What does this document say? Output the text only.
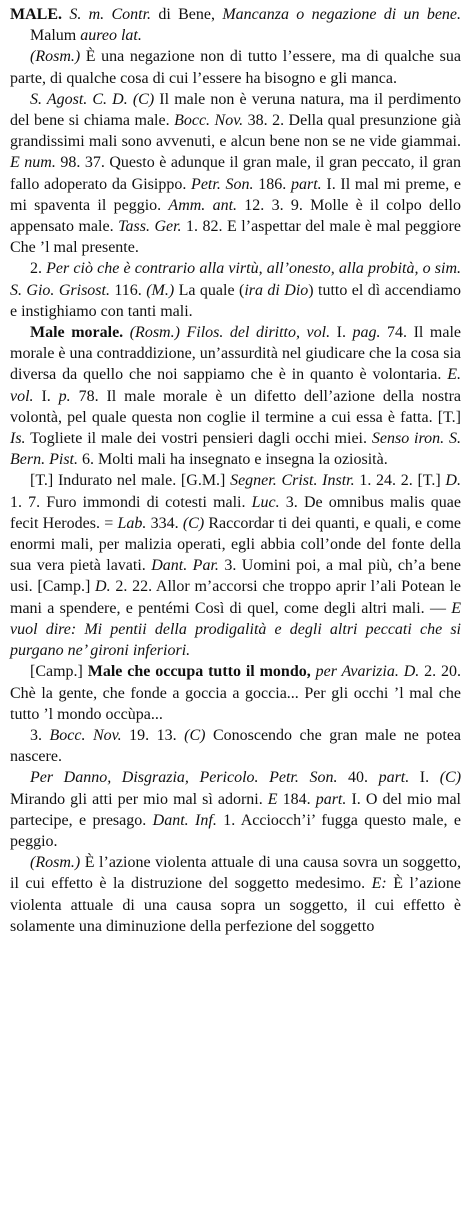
MALE. S. m. Contr. di Bene, Mancanza o negazione di un bene. Malum aureo lat.

(Rosm.) È una negazione non di tutto l’essere, ma di qualche sua parte, di qualche cosa di cui l’essere ha bisogno e gli manca.

S. Agost. C. D. (C) Il male non è veruna natura, ma il perdimento del bene si chiama male. Bocc. Nov. 38. 2. Della qual presunzione già grandissimi mali sono avvenuti, e alcun bene non se ne vide giammai. E num. 98. 37. Questo è adunque il gran male, il gran peccato, il gran fallo adoperato da Gisippo. Petr. Son. 186. part. I. Il mal mi preme, e mi spaventa il peggio. Amm. ant. 12. 3. 9. Molle è il colpo dello appensato male. Tass. Ger. 1. 82. E l’aspettar del male è mal peggiore Che ’l mal presente.

2. Per ciò che è contrario alla virtù, all’onesto, alla probità, o sim. S. Gio. Grisost. 116. (M.) La quale (ira di Dio) tutto el dì accendiamo e instighiamo con tanti mali.

Male morale. (Rosm.) Filos. del diritto, vol. I. pag. 74. Il male morale è una contraddizione, un’assurdità nel giudicare che la cosa sia diversa da quello che noi sappiamo che è in quanto è volontaria. E. vol. I. p. 78. Il male morale è un difetto dell’azione della nostra volontà, pel quale questa non coglie il termine a cui essa è fatta. [T.] Is. Togliete il male dei vostri pensieri dagli occhi miei. Senso iron. S. Bern. Pist. 6. Molti mali ha insegnato e insegna la oziosità.

[T.] Indurato nel male. [G.M.] Segner. Crist. Instr. 1. 24. 2. [T.] D. 1. 7. Furo immondi di cotesti mali. Luc. 3. De omnibus malis quae fecit Herodes. = Lab. 334. (C) Raccordar ti dei quanti, e quali, e come enormi mali, per malizia operati, egli abbia coll’onde del fonte della sua vera pietà lavati. Dant. Par. 3. Uomini poi, a mal più, ch’a bene usi. [Camp.] D. 2. 22. Allor m’accorsi che troppo aprir l’ali Potean le mani a spendere, e pentémi Così di quel, come degli altri mali. — E vuol dire: Mi pentii della prodigalità e degli altri peccati che si purgano ne’ gironi inferiori.

[Camp.] Male che occupa tutto il mondo, per Avarizia. D. 2. 20. Chè la gente, che fonde a goccia a goccia... Per gli occhi ’l mal che tutto ’l mondo occùpa...

3. Bocc. Nov. 19. 13. (C) Conoscendo che gran male ne potea nascere.

Per Danno, Disgrazia, Pericolo. Petr. Son. 40. part. I. (C) Mirando gli atti per mio mal sì adorni. E 184. part. I. O del mio mal partecipe, e presago. Dant. Inf. 1. Acciocch’i’ fugga questo male, e peggio.

(Rosm.) È l’azione violenta attuale di una causa sovra un soggetto, il cui effetto è la distruzione del soggetto medesimo. E: È l’azione violenta attuale di una causa sopra un soggetto, il cui effetto è solamente una diminuzione della perfezione del soggetto
